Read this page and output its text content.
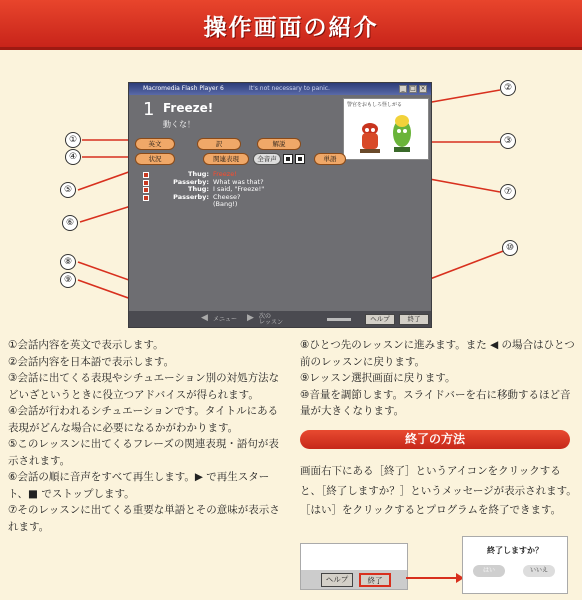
操作画面の紹介
Macromedia Flash Player 6	It's not necessary to panic.	_ □ ×
1 Freeze!
動くな！
警官をおもしろ怪しがる
英文	訳	解説
状況	関連表現	全音声	単語
Thug: Freeze!
Passerby: What was that?
Thug: I said, "Freeze!"
Passerby: Cheese?
(Bang!)
◀ メニュー ▶ 次の
レッスン	ヘルプ	終了
①
④
⑤
⑥
⑧
⑨
②
③
⑦
⑩
①会話内容を英文で表示します。
②会話内容を日本語で表示します。
③会話に出てくる表現やシチュエーション別の対処方法などいざというときに役立つアドバイスが得られます。
④会話が行われるシチュエーションです。タイトルにある表現がどんな場合に必要になるかがわかります。
⑤このレッスンに出てくるフレーズの関連表現・語句が表示されます。
⑥会話の順に音声をすべて再生します。▶ で再生スタート、■ でストップします。
⑦そのレッスンに出てくる重要な単語とその意味が表示されます。
⑧ひとつ先のレッスンに進みます。また ◀ の場合はひとつ前のレッスンに戻ります。
⑨レッスン選択画面に戻ります。
⑩音量を調節します。スライドバーを右に移動するほど音量が大きくなります。
終了の方法
画面右下にある［終了］というアイコンをクリックすると、［終了しますか？］というメッセージが表示されます。［はい］をクリックするとプログラムを終了できます。
ヘルプ	終了
終了しますか？
はい	いいえ
